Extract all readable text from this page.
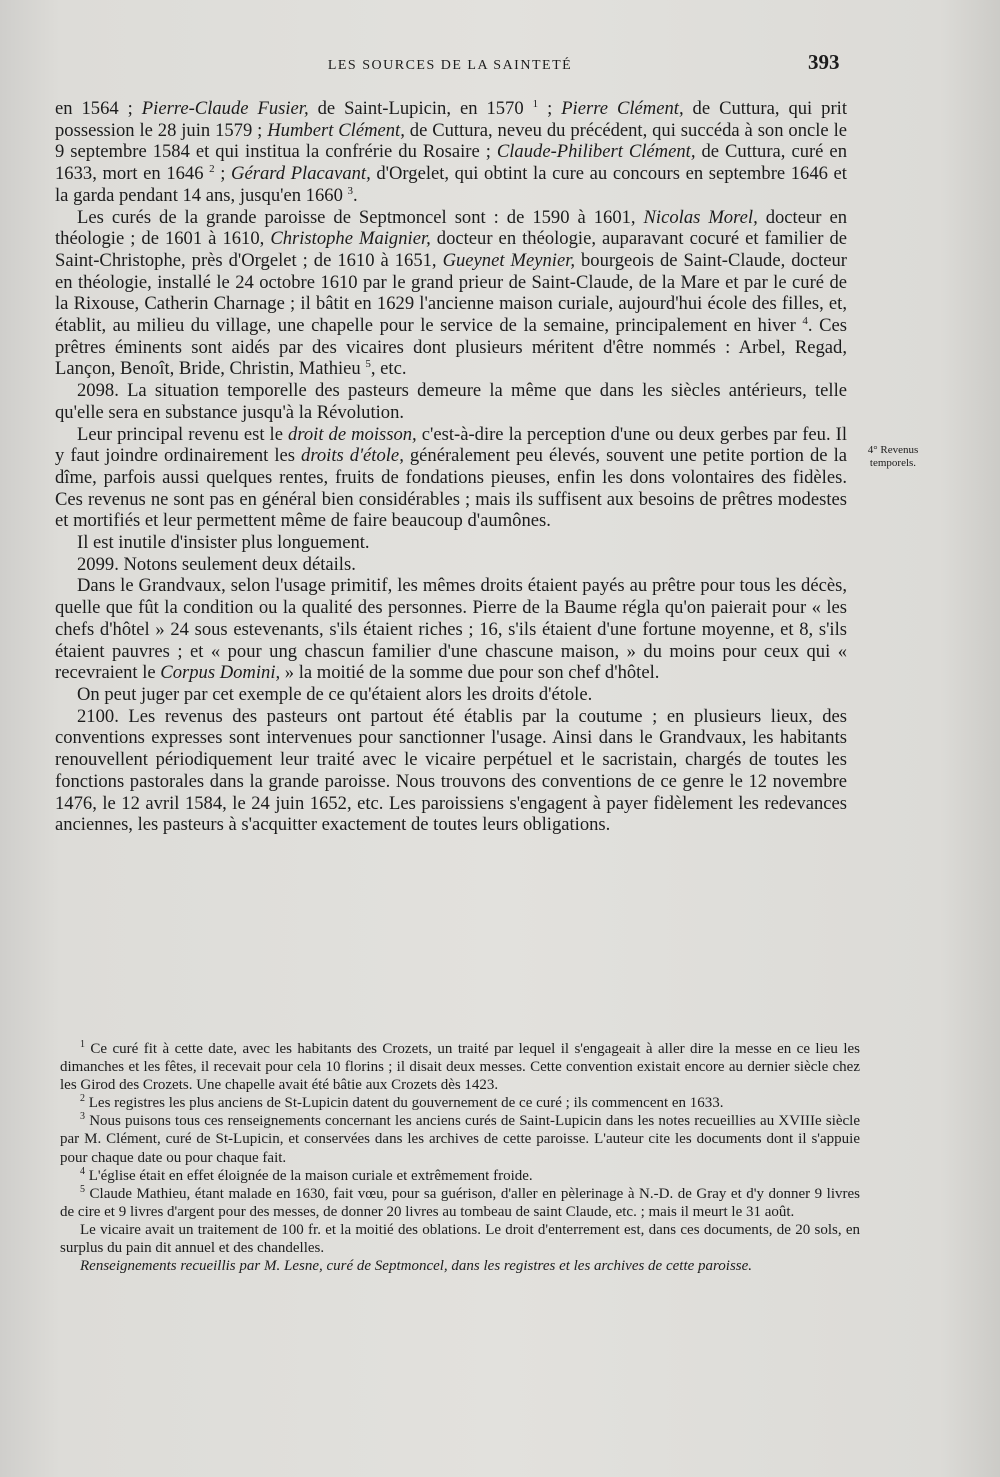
LES SOURCES DE LA SAINTETÉ	393

en 1564 ; Pierre-Claude Fusier, de Saint-Lupicin, en 1570 $^1$ ; Pierre Clément, de Cuttura, qui prit possession le 28 juin 1579 ; Humbert Clément, de Cuttura, neveu du précédent, qui succéda à son oncle le 9 septembre 1584 et qui institua la confrérie du Rosaire ; Claude-Philibert Clément, de Cuttura, curé en 1633, mort en 1646 $^2$ ; Gérard Placavant, d'Orgelet, qui obtint la cure au concours en septembre 1646 et la garda pendant 14 ans, jusqu'en 1660 $^3$.

Les curés de la grande paroisse de Septmoncel sont : de 1590 à 1601, Nicolas Morel, docteur en théologie ; de 1601 à 1610, Christophe Maignier, docteur en théologie, auparavant cocuré et familier de Saint-Christophe, près d'Orgelet ; de 1610 à 1651, Gueynet Meynier, bourgeois de Saint-Claude, docteur en théologie, installé le 24 octobre 1610 par le grand prieur de Saint-Claude, de la Mare et par le curé de la Rixouse, Catherin Charnage ; il bâtit en 1629 l'ancienne maison curiale, aujourd'hui école des filles, et, établit, au milieu du village, une chapelle pour le service de la semaine, principalement en hiver $^4$. Ces prêtres éminents sont aidés par des vicaires dont plusieurs méritent d'être nommés : Arbel, Regad, Lançon, Benoît, Bride, Christin, Mathieu $^5$, etc.

2098. La situation temporelle des pasteurs demeure la même que dans les siècles antérieurs, telle qu'elle sera en substance jusqu'à la Révolution.

Leur principal revenu est le droit de moisson, c'est-à-dire la perception d'une ou deux gerbes par feu. Il y faut joindre ordinairement les droits d'étole, généralement peu élevés, souvent une petite portion de la dîme, parfois aussi quelques rentes, fruits de fondations pieuses, enfin les dons volontaires des fidèles. Ces revenus ne sont pas en général bien considérables ; mais ils suffisent aux besoins de prêtres modestes et mortifiés et leur permettent même de faire beaucoup d'aumônes.

Il est inutile d'insister plus longuement.

2099. Notons seulement deux détails.

Dans le Grandvaux, selon l'usage primitif, les mêmes droits étaient payés au prêtre pour tous les décès, quelle que fût la condition ou la qualité des personnes. Pierre de la Baume régla qu'on paierait pour « les chefs d'hôtel » 24 sous estevenants, s'ils étaient riches ; 16, s'ils étaient d'une fortune moyenne, et 8, s'ils étaient pauvres ; et « pour ung chascun familier d'une chascune maison, » du moins pour ceux qui « recevraient le Corpus Domini, » la moitié de la somme due pour son chef d'hôtel.

On peut juger par cet exemple de ce qu'étaient alors les droits d'étole.

2100. Les revenus des pasteurs ont partout été établis par la coutume ; en plusieurs lieux, des conventions expresses sont intervenues pour sanctionner l'usage. Ainsi dans le Grandvaux, les habitants renouvellent périodiquement leur traité avec le vicaire perpétuel et le sacristain, chargés de toutes les fonctions pastorales dans la grande paroisse. Nous trouvons des conventions de ce genre le 12 novembre 1476, le 12 avril 1584, le 24 juin 1652, etc. Les paroissiens s'engagent à payer fidèlement les redevances anciennes, les pasteurs à s'acquitter exactement de toutes leurs obligations.

4° Revenus
temporels.

$^1$ Ce curé fit à cette date, avec les habitants des Crozets, un traité par lequel il s'engageait à aller dire la messe en ce lieu les dimanches et les fêtes, il recevait pour cela 10 florins ; il disait deux messes. Cette convention existait encore au dernier siècle chez les Girod des Crozets. Une chapelle avait été bâtie aux Crozets dès 1423.

$^2$ Les registres les plus anciens de St-Lupicin datent du gouvernement de ce curé ; ils commencent en 1633.

$^3$ Nous puisons tous ces renseignements concernant les anciens curés de Saint-Lupicin dans les notes recueillies au XVIIIe siècle par M. Clément, curé de St-Lupicin, et conservées dans les archives de cette paroisse. L'auteur cite les documents dont il s'appuie pour chaque date ou pour chaque fait.

$^4$ L'église était en effet éloignée de la maison curiale et extrêmement froide.

$^5$ Claude Mathieu, étant malade en 1630, fait vœu, pour sa guérison, d'aller en pèlerinage à N.-D. de Gray et d'y donner 9 livres de cire et 9 livres d'argent pour des messes, de donner 20 livres au tombeau de saint Claude, etc. ; mais il meurt le 31 août.

Le vicaire avait un traitement de 100 fr. et la moitié des oblations. Le droit d'enterrement est, dans ces documents, de 20 sols, en surplus du pain dit annuel et des chandelles.

Renseignements recueillis par M. Lesne, curé de Septmoncel, dans les registres et les archives de cette paroisse.
